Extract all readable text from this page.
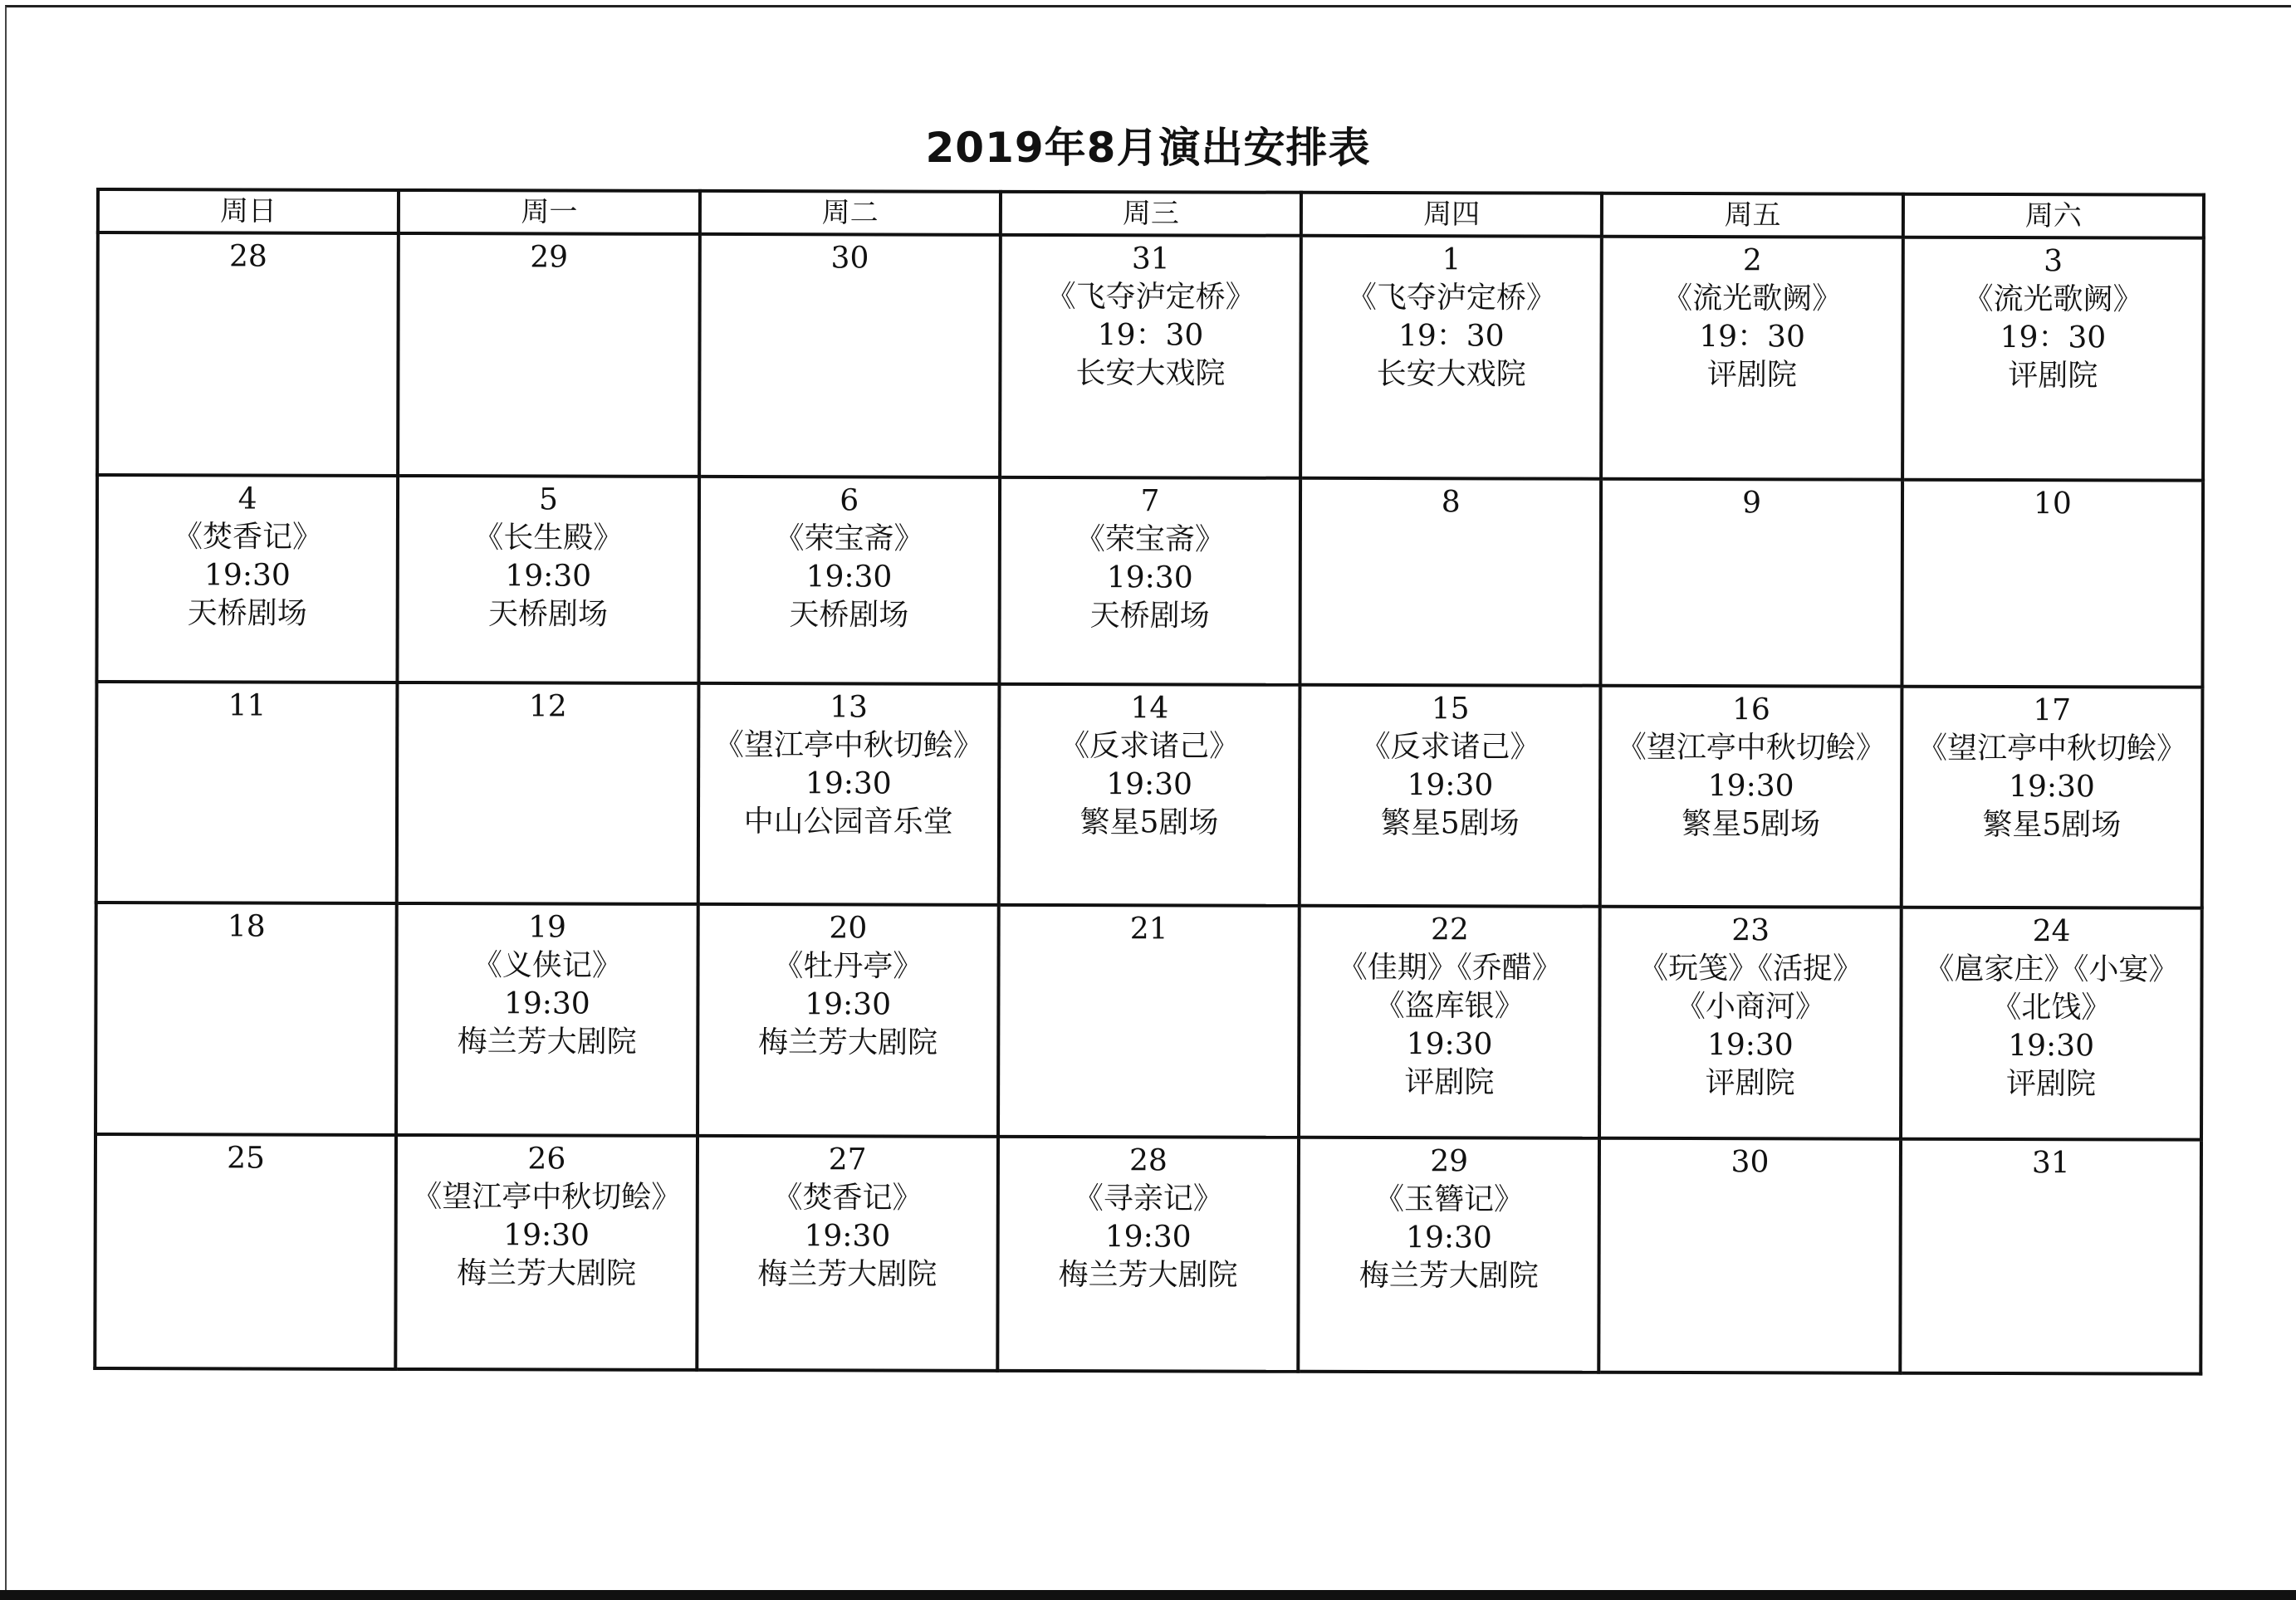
2019年8月演出安排表
周日	周一	周二	周三	周四	周五	周六

28	29	30	31
《飞夺泸定桥》
19：30
长安大戏院	1
《飞夺泸定桥》
19：30
长安大戏院	2
《流光歌阙》
19：30
评剧院	3
《流光歌阙》
19：30
评剧院

4
《焚香记》
19:30
天桥剧场	5
《长生殿》
19:30
天桥剧场	6
《荣宝斋》
19:30
天桥剧场	7
《荣宝斋》
19:30
天桥剧场	8	9	10

11	12	13
《望江亭中秋切鲙》
19:30
中山公园音乐堂	14
《反求诸己》
19:30
繁星5剧场	15
《反求诸己》
19:30
繁星5剧场	16
《望江亭中秋切鲙》
19:30
繁星5剧场	17
《望江亭中秋切鲙》
19:30
繁星5剧场

18	19
《义侠记》
19:30
梅兰芳大剧院	20
《牡丹亭》
19:30
梅兰芳大剧院	21	22
《佳期》《乔醋》
《盗库银》
19:30
评剧院	23
《玩笺》《活捉》
《小商河》
19:30
评剧院	24
《扈家庄》《小宴》
《北饯》
19:30
评剧院

25	26
《望江亭中秋切鲙》
19:30
梅兰芳大剧院	27
《焚香记》
19:30
梅兰芳大剧院	28
《寻亲记》
19:30
梅兰芳大剧院	29
《玉簪记》
19:30
梅兰芳大剧院	30	31
